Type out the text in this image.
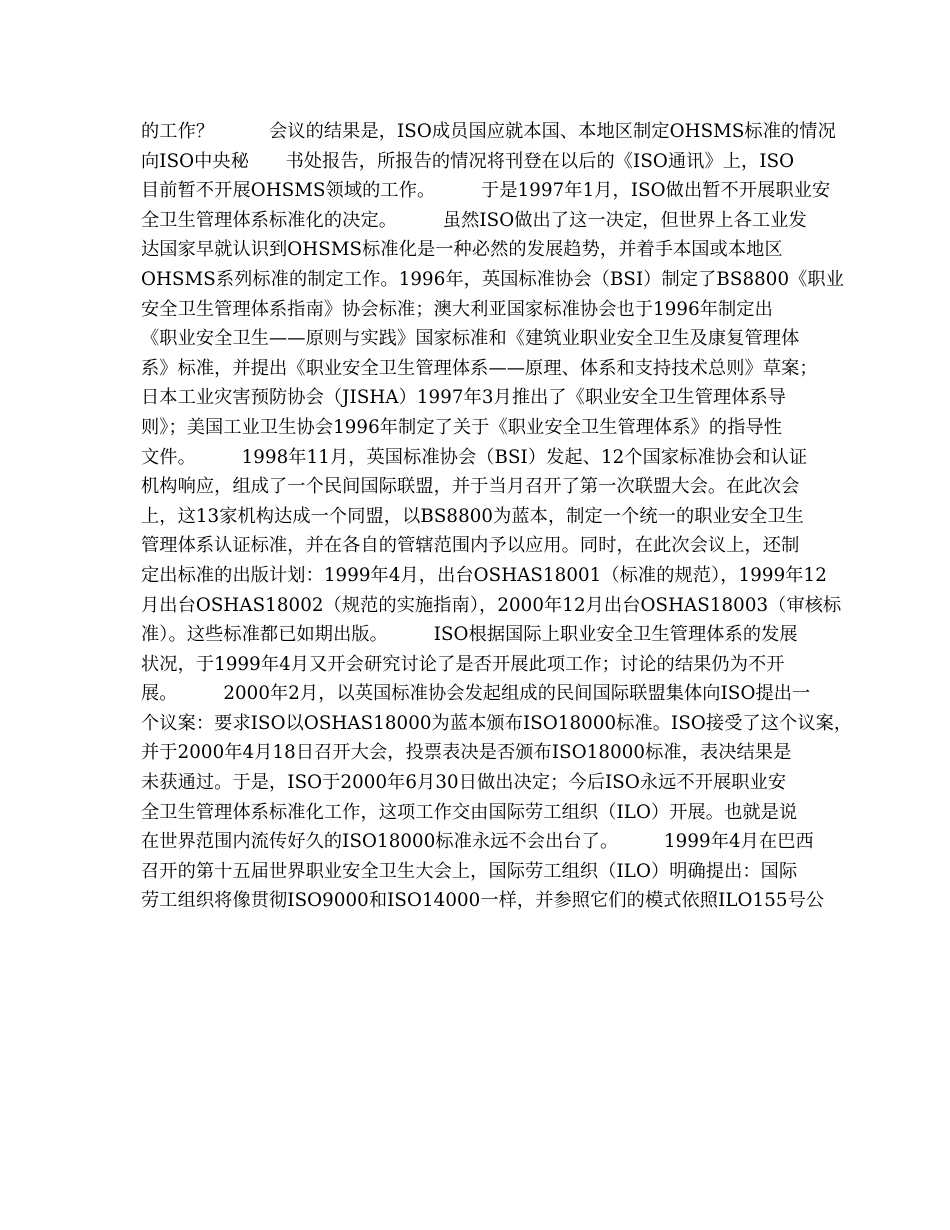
的工作？　　　会议的结果是，ISO成员国应就本国、本地区制定OHSMS标准的情况
向ISO中央秘　　书处报告，所报告的情况将刊登在以后的《ISO通讯》上，ISO
目前暂不开展OHSMS领域的工作。　　　于是1997年1月，ISO做出暂不开展职业安
全卫生管理体系标准化的决定。　　　虽然ISO做出了这一决定，但世界上各工业发
达国家早就认识到OHSMS标准化是一种必然的发展趋势，并着手本国或本地区
OHSMS系列标准的制定工作。1996年，英国标准协会（BSI）制定了BS8800《职业
安全卫生管理体系指南》协会标准；澳大利亚国家标准协会也于1996年制定出
《职业安全卫生——原则与实践》国家标准和《建筑业职业安全卫生及康复管理体
系》标准，并提出《职业安全卫生管理体系——原理、体系和支持技术总则》草案；
日本工业灾害预防协会（JISHA）1997年3月推出了《职业安全卫生管理体系导
则》；美国工业卫生协会1996年制定了关于《职业安全卫生管理体系》的指导性
文件。　　　1998年11月，英国标准协会（BSI）发起、12个国家标准协会和认证
机构响应，组成了一个民间国际联盟，并于当月召开了第一次联盟大会。在此次会
上，这13家机构达成一个同盟，以BS8800为蓝本，制定一个统一的职业安全卫生
管理体系认证标准，并在各自的管辖范围内予以应用。同时，在此次会议上，还制
定出标准的出版计划：1999年4月，出台OSHAS18001（标准的规范），1999年12
月出台OSHAS18002（规范的实施指南），2000年12月出台OSHAS18003（审核标
准）。这些标准都已如期出版。　　　ISO根据国际上职业安全卫生管理体系的发展
状况，于1999年4月又开会研究讨论了是否开展此项工作；讨论的结果仍为不开
展。　　　2000年2月，以英国标准协会发起组成的民间国际联盟集体向ISO提出一
个议案：要求ISO以OSHAS18000为蓝本颁布ISO18000标准。ISO接受了这个议案，
并于2000年4月18日召开大会，投票表决是否颁布ISO18000标准，表决结果是
未获通过。于是，ISO于2000年6月30日做出决定；今后ISO永远不开展职业安
全卫生管理体系标准化工作，这项工作交由国际劳工组织（ILO）开展。也就是说
在世界范围内流传好久的ISO18000标准永远不会出台了。　　　1999年4月在巴西
召开的第十五届世界职业安全卫生大会上，国际劳工组织（ILO）明确提出：国际
劳工组织将像贯彻ISO9000和ISO14000一样，并参照它们的模式依照ILO155号公
